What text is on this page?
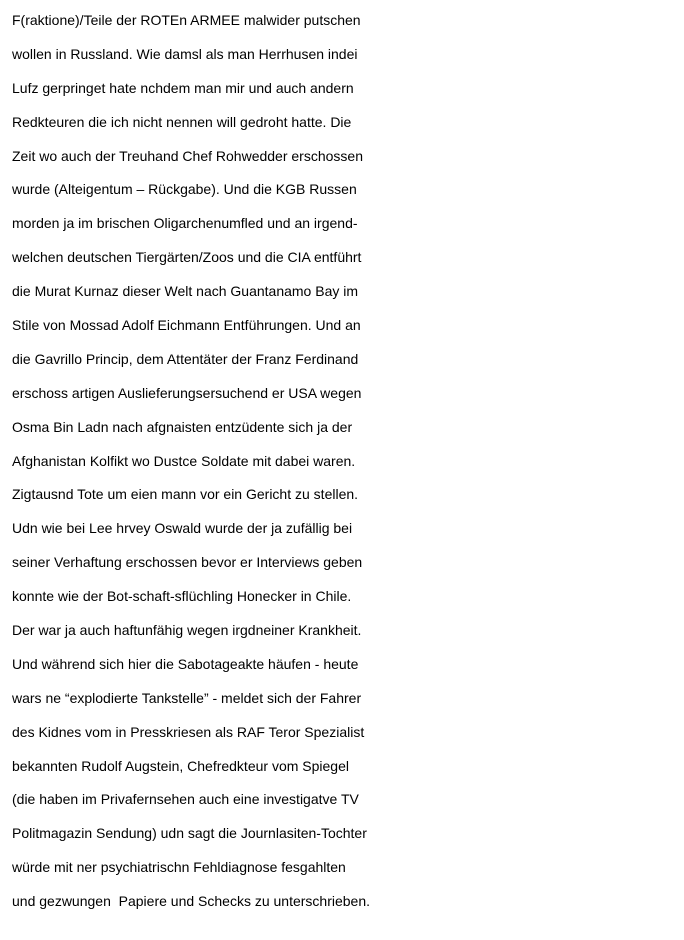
F(raktione)/Teile der ROTEn ARMEE malwider putschen
wollen in Russland. Wie damsl als man Herrhusen indei
Lufz gerpringet hate nchdem man mir und auch andern
Redkteuren die ich nicht nennen will gedroht hatte. Die
Zeit wo auch der Treuhand Chef Rohwedder erschossen
wurde (Alteigentum – Rückgabe). Und die KGB Russen
morden ja im brischen Oligarchenumfled und an irgend-
welchen deutschen Tiergärten/Zoos und die CIA entführt
die Murat Kurnaz dieser Welt nach Guantanamo Bay im
Stile von Mossad Adolf Eichmann Entführungen. Und an
die Gavrillo Princip, dem Attentäter der Franz Ferdinand
erschoss artigen Auslieferungsersuchend er USA wegen
Osma Bin Ladn nach afgnaisten entzüdente sich ja der
Afghanistan Kolfikt wo Dustce Soldate mit dabei waren.
Zigtausnd Tote um eien mann vor ein Gericht zu stellen.
Udn wie bei Lee hrvey Oswald wurde der ja zufällig bei
seiner Verhaftung erschossen bevor er Interviews geben
konnte wie der Bot-schaft-sflüchling Honecker in Chile.
Der war ja auch haftunfähig wegen irgdneiner Krankheit.
Und während sich hier die Sabotageakte häufen - heute
wars ne “explodierte Tankstelle” - meldet sich der Fahrer
des Kidnes vom in Presskriesen als RAF Teror Spezialist
bekannten Rudolf Augstein, Chefredkteur vom Spiegel
(die haben im Privafernsehen auch eine investigatve TV
Politmagazin Sendung) udn sagt die Journlasiten-Tochter
würde mit ner psychiatrischn Fehldiagnose fesgahlten
und gezwungen  Papiere und Schecks zu unterschrieben.
